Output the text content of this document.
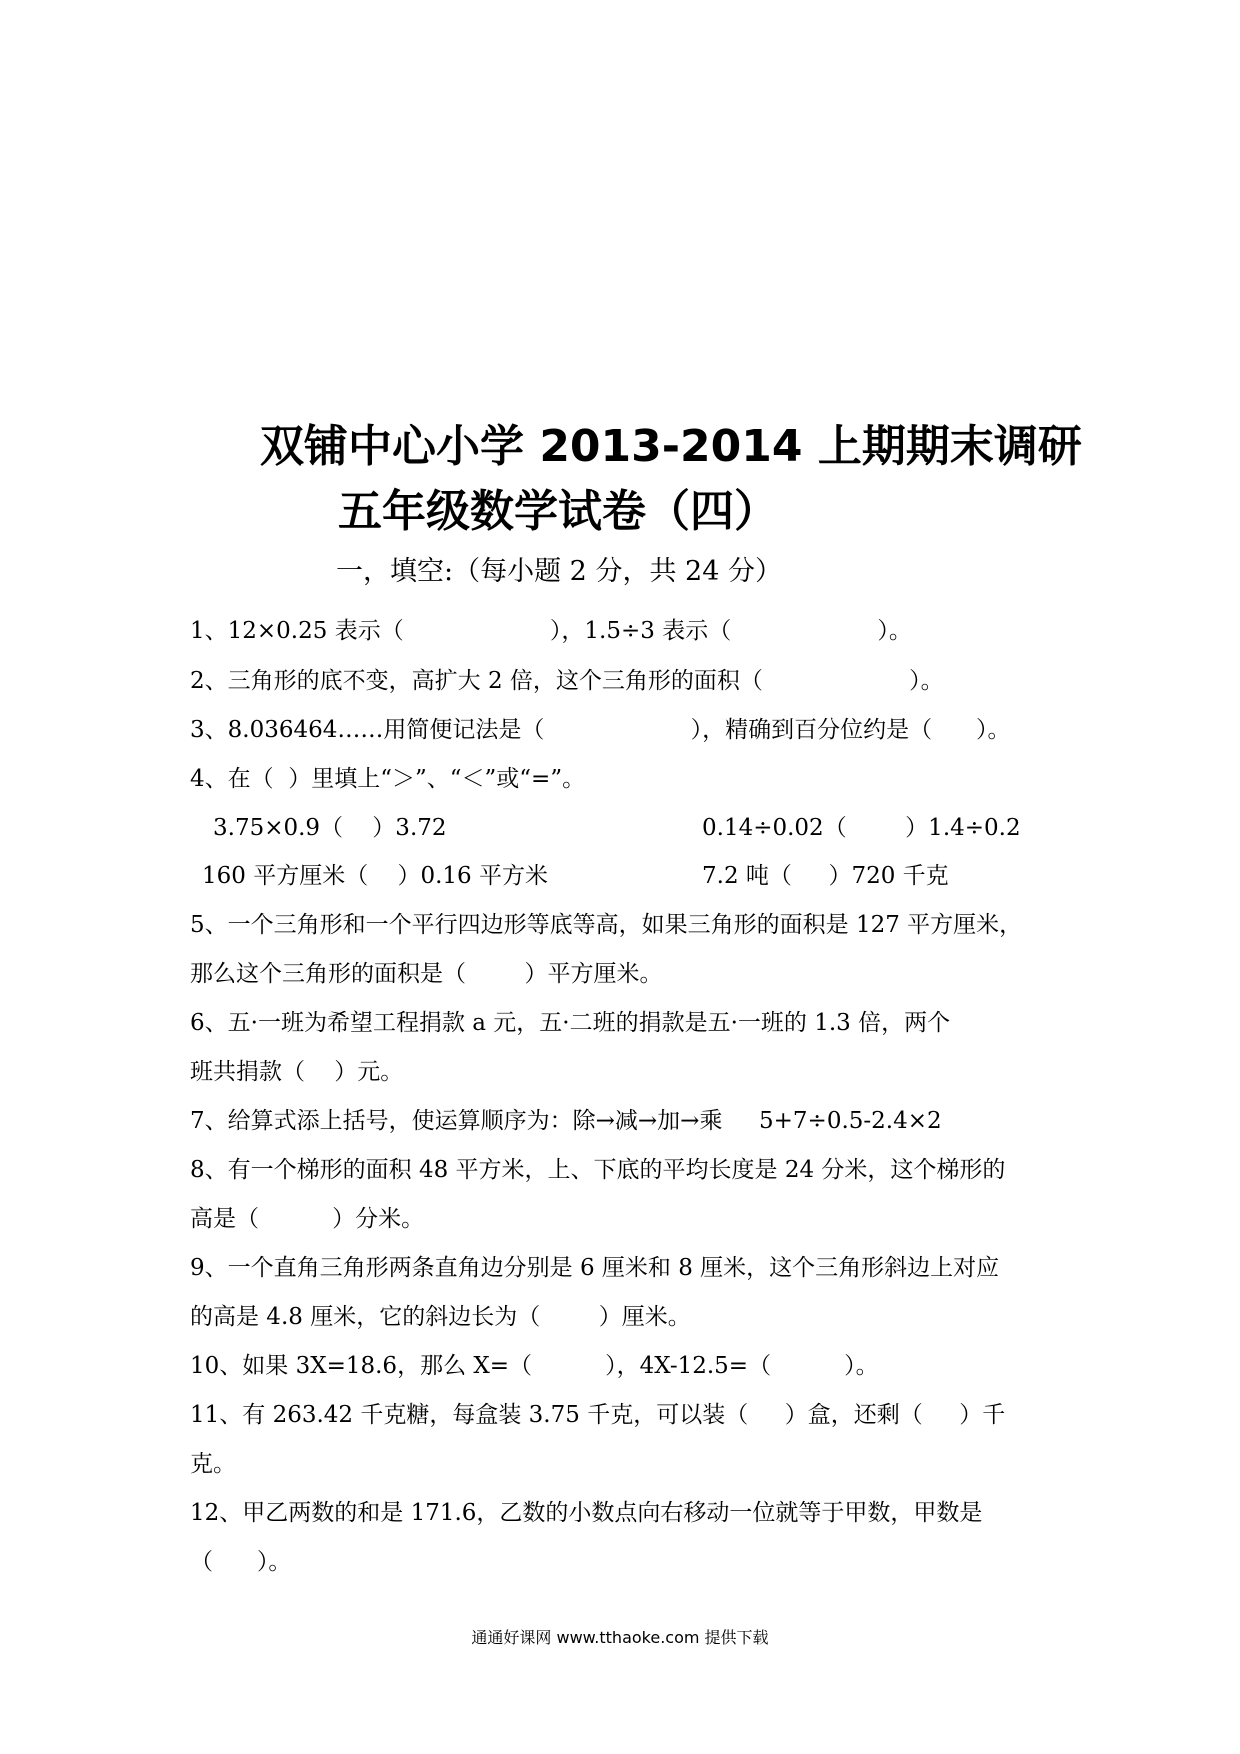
双铺中心小学 2013-2014 上期期末调研
五年级数学试卷（四）
一，填空:（每小题 2 分，共 24 分）
1、12×0.25 表示（                    ），1.5÷3 表示（                    ）。
2、三角形的底不变，高扩大 2 倍，这个三角形的面积（                    ）。
3、8.036464……用简便记法是（                    ），精确到百分位约是（      ）。
4、在（  ）里填上“＞”、“＜”或“=”。
3.75×0.9（    ）3.72	0.14÷0.02（        ）1.4÷0.2
160 平方厘米（    ）0.16 平方米	7.2 吨（     ）720 千克
5、一个三角形和一个平行四边形等底等高，如果三角形的面积是 127 平方厘米，
那么这个三角形的面积是（        ）平方厘米。
6、五·一班为希望工程捐款 a 元，五·二班的捐款是五·一班的 1.3 倍，两个
班共捐款（    ）元。
7、给算式添上括号，使运算顺序为：除→减→加→乘     5+7÷0.5-2.4×2
8、有一个梯形的面积 48 平方米，上、下底的平均长度是 24 分米，这个梯形的
高是（          ）分米。
9、一个直角三角形两条直角边分别是 6 厘米和 8 厘米，这个三角形斜边上对应
的高是 4.8 厘米，它的斜边长为（        ）厘米。
10、如果 3X=18.6，那么 X=（          ），4X-12.5=（          ）。
11、有 263.42 千克糖，每盒装 3.75 千克，可以装（     ）盒，还剩（     ）千
克。
12、甲乙两数的和是 171.6，乙数的小数点向右移动一位就等于甲数，甲数是
（      ）。
通通好课网 www.tthaoke.com 提供下载
